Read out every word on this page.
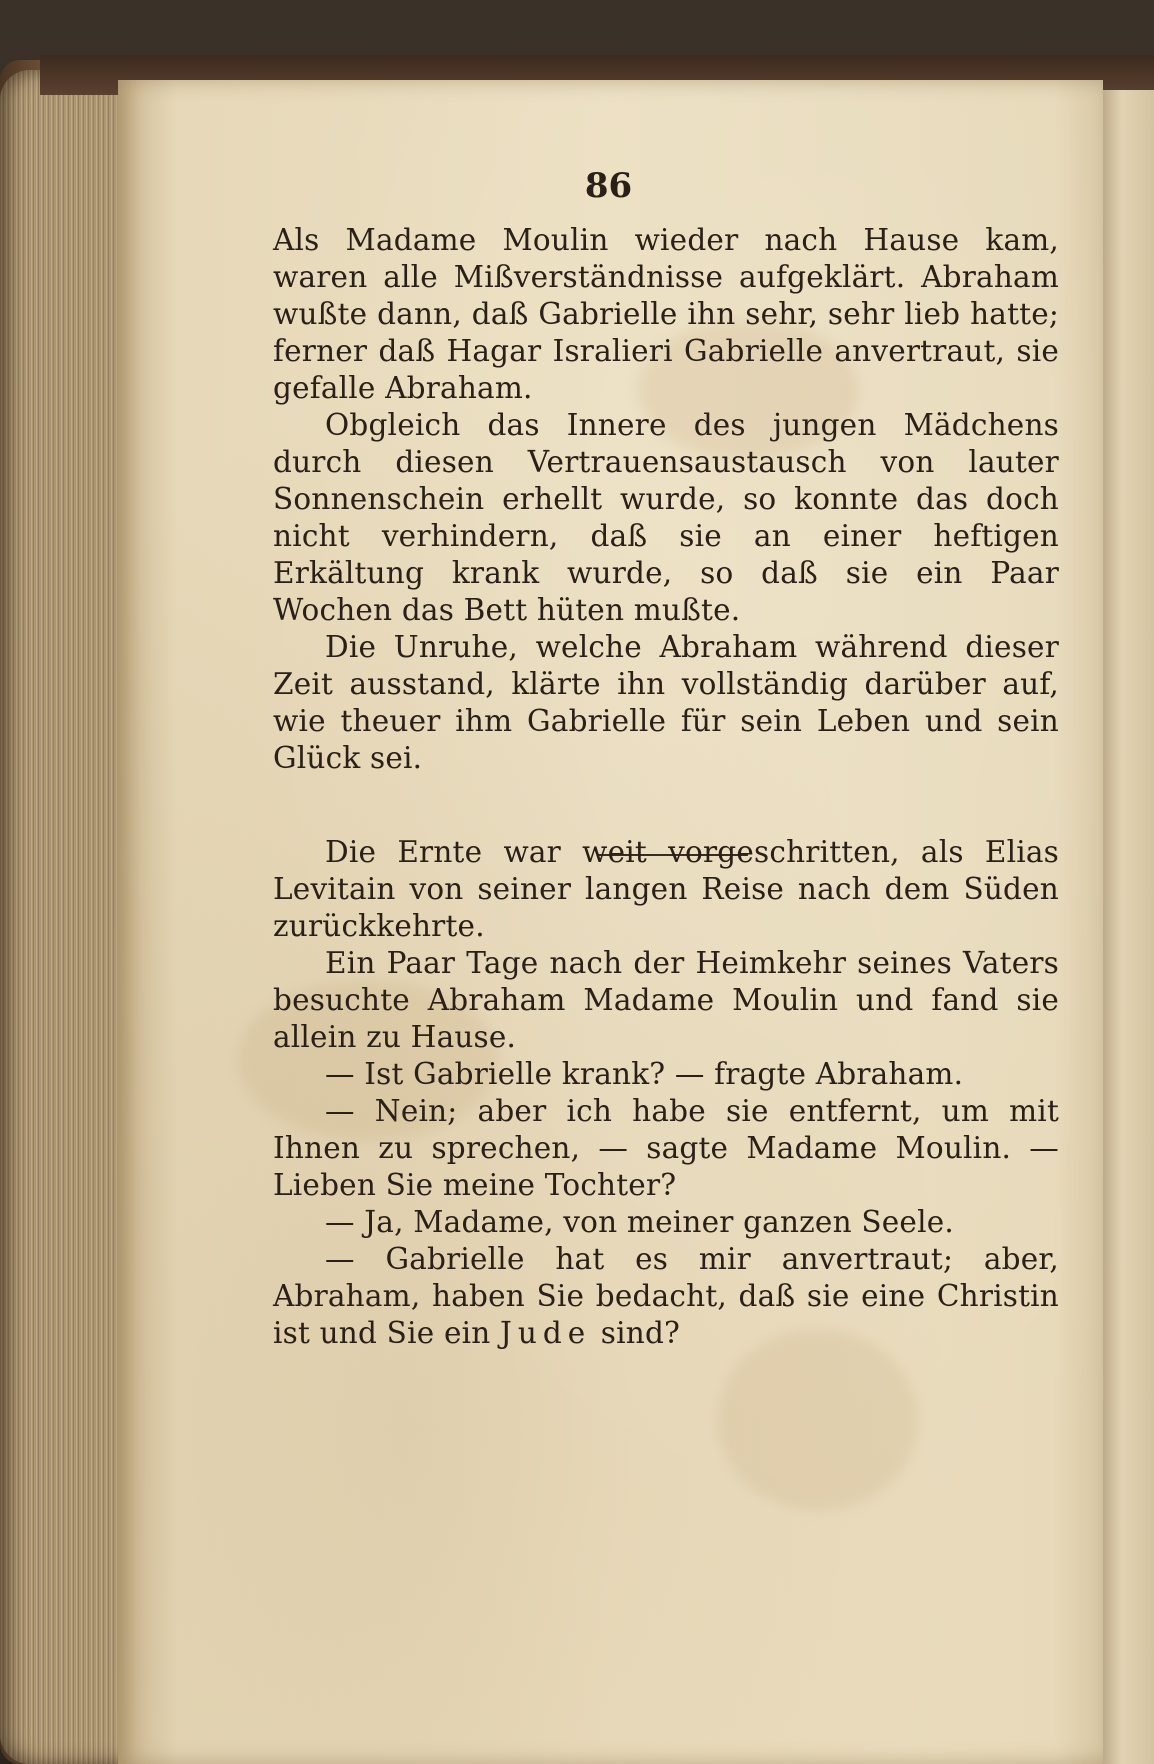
86

Als Madame Moulin wieder nach Hause kam, waren alle Mißverständnisse aufgeklärt. Abraham wußte dann, daß Gabrielle ihn sehr, sehr lieb hatte; ferner daß Hagar Isralieri Gabrielle anvertraut, sie gefalle Abraham.

Obgleich das Innere des jungen Mädchens durch diesen Vertrauensaustausch von lauter Sonnenschein erhellt wurde, so konnte das doch nicht verhindern, daß sie an einer heftigen Erkältung krank wurde, so daß sie ein Paar Wochen das Bett hüten mußte.

Die Unruhe, welche Abraham während dieser Zeit ausstand, klärte ihn vollständig darüber auf, wie theuer ihm Gabrielle für sein Leben und sein Glück sei.

Die Ernte war weit vorgeschritten, als Elias Levitain von seiner langen Reise nach dem Süden zurückkehrte.

Ein Paar Tage nach der Heimkehr seines Vaters besuchte Abraham Madame Moulin und fand sie allein zu Hause.

— Ist Gabrielle krank? — fragte Abraham.

— Nein; aber ich habe sie entfernt, um mit Ihnen zu sprechen, — sagte Madame Moulin. — Lieben Sie meine Tochter?

— Ja, Madame, von meiner ganzen Seele.

— Gabrielle hat es mir anvertraut; aber, Abraham, haben Sie bedacht, daß sie eine Christin ist und Sie ein Jude sind?
